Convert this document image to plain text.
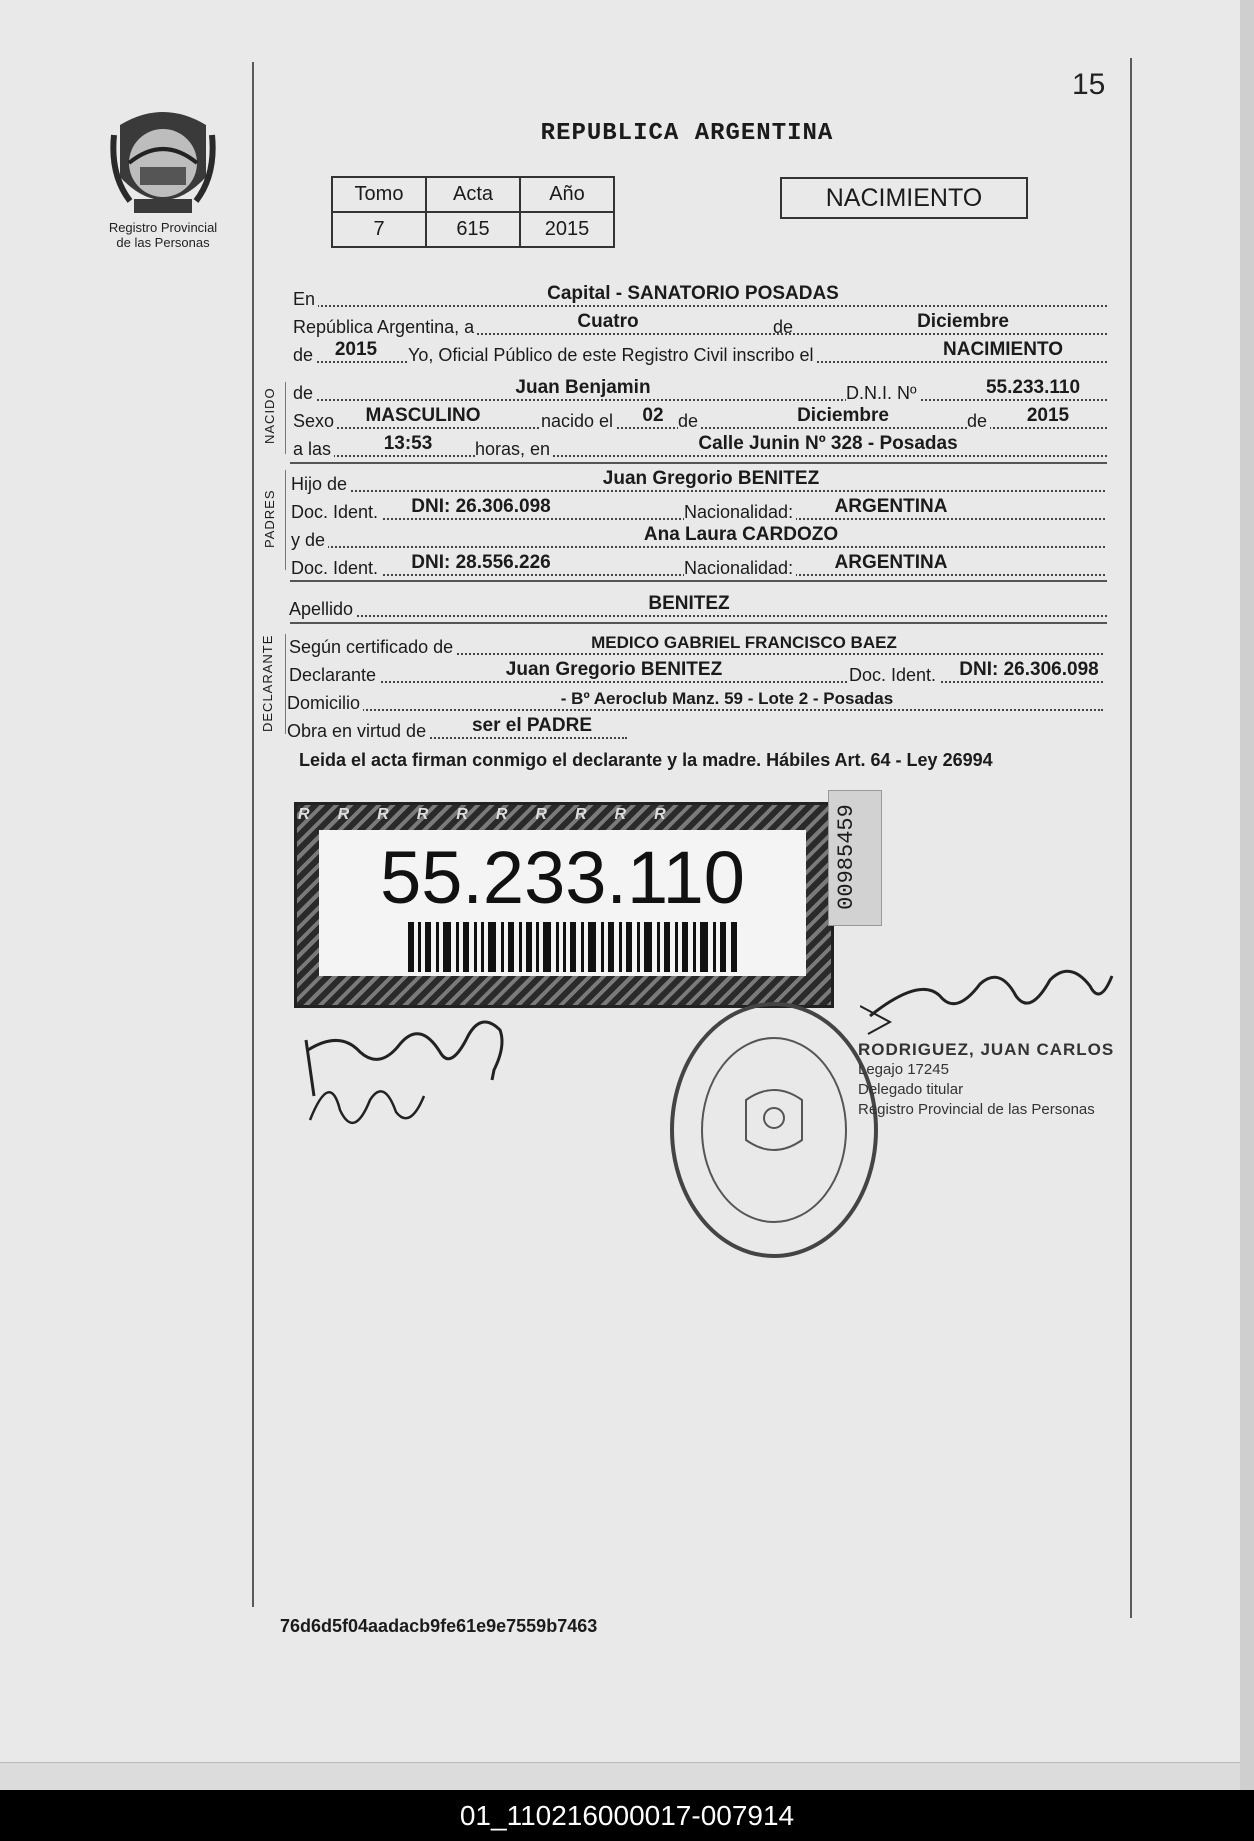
Registro Provincial
de las Personas
15
REPUBLICA ARGENTINA
Tomo	Acta	Año
7	615	2015
NACIMIENTO
En	Capital - SANATORIO POSADAS
República Argentina, a	Cuatro	de	Diciembre
de 2015 Yo, Oficial Público de este Registro Civil inscribo el	NACIMIENTO
NACIDO de	Juan Benjamin	D.N.I. Nº	55.233.110
Sexo MASCULINO	nacido el	02 de	Diciembre	de	2015
a las	13:53	horas, en	Calle Junin Nº 328 - Posadas
PADRES
Hijo de	Juan Gregorio BENITEZ
Doc. Ident.	DNI: 26.306.098	Nacionalidad:	ARGENTINA
y de	Ana Laura CARDOZO
Doc. Ident.	DNI: 28.556.226	Nacionalidad:	ARGENTINA
Apellido	BENITEZ
DECLARANTE Según certificado de	MEDICO GABRIEL FRANCISCO BAEZ
Declarante	Juan Gregorio BENITEZ	Doc. Ident. DNI: 26.306.098
Domicilio	- Bº Aeroclub Manz. 59 - Lote 2 - Posadas
Obra en virtud de	ser el PADRE
Leida el acta firman conmigo el declarante y la madre. Hábiles Art. 64 - Ley 26994
RRRRRRRRRR
55.233.110	00985459
RODRIGUEZ, JUAN CARLOS
Legajo 17245
Delegado titular
Registro Provincial de las Personas
76d6d5f04aadacb9fe61e9e7559b7463
01_110216000017-007914
